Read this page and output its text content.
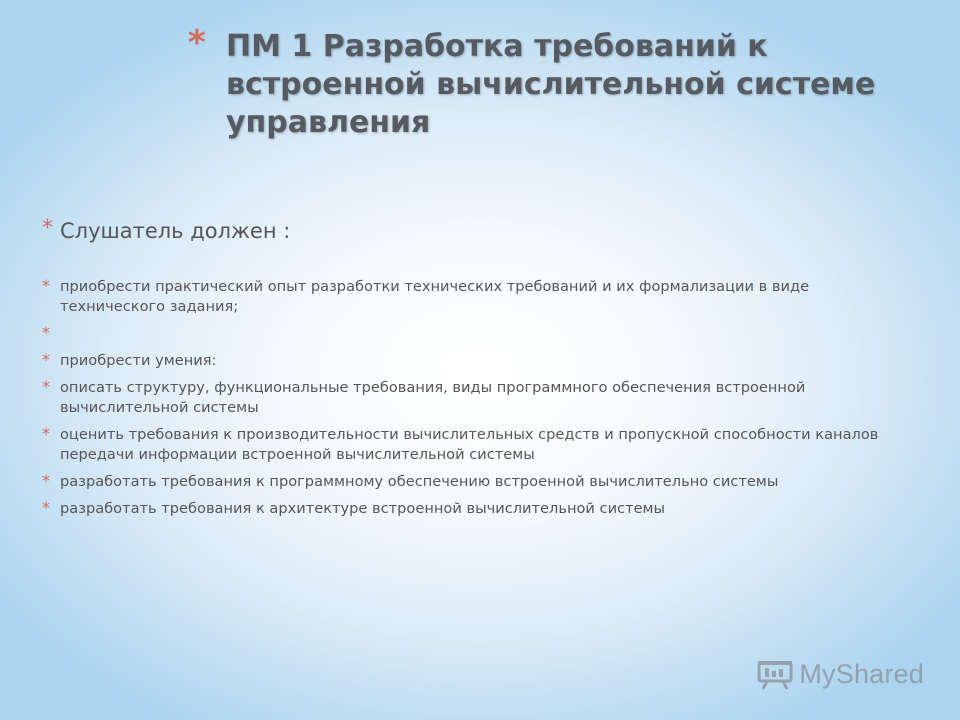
* ПМ 1 Разработка требований к встроенной вычислительной системе управления
* Слушатель должен :
* приобрести практический опыт разработки технических требований и их формализации в виде технического задания;
*
* приобрести умения:
* описать структуру, функциональные требования, виды программного обеспечения встроенной вычислительной системы
* оценить требования к производительности вычислительных средств и пропускной способности каналов передачи информации встроенной вычислительной системы
* разработать требования к программному обеспечению встроенной вычислительно системы
* разработать требования к архитектуре встроенной вычислительной системы
MyShared
